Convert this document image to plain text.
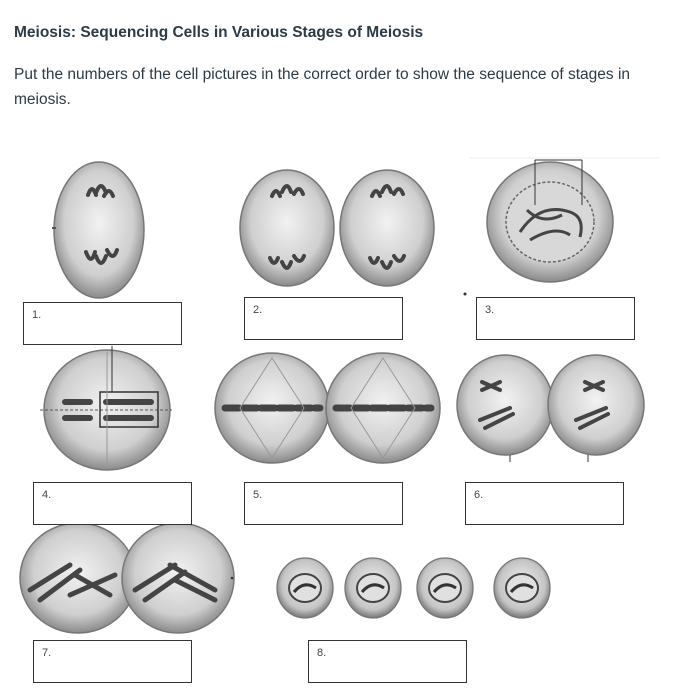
Meiosis: Sequencing Cells in Various Stages of Meiosis
Put the numbers of the cell pictures in the correct order to show the sequence of stages in meiosis.
1.	2.	3.
4.	5.	6.
7.	8.
